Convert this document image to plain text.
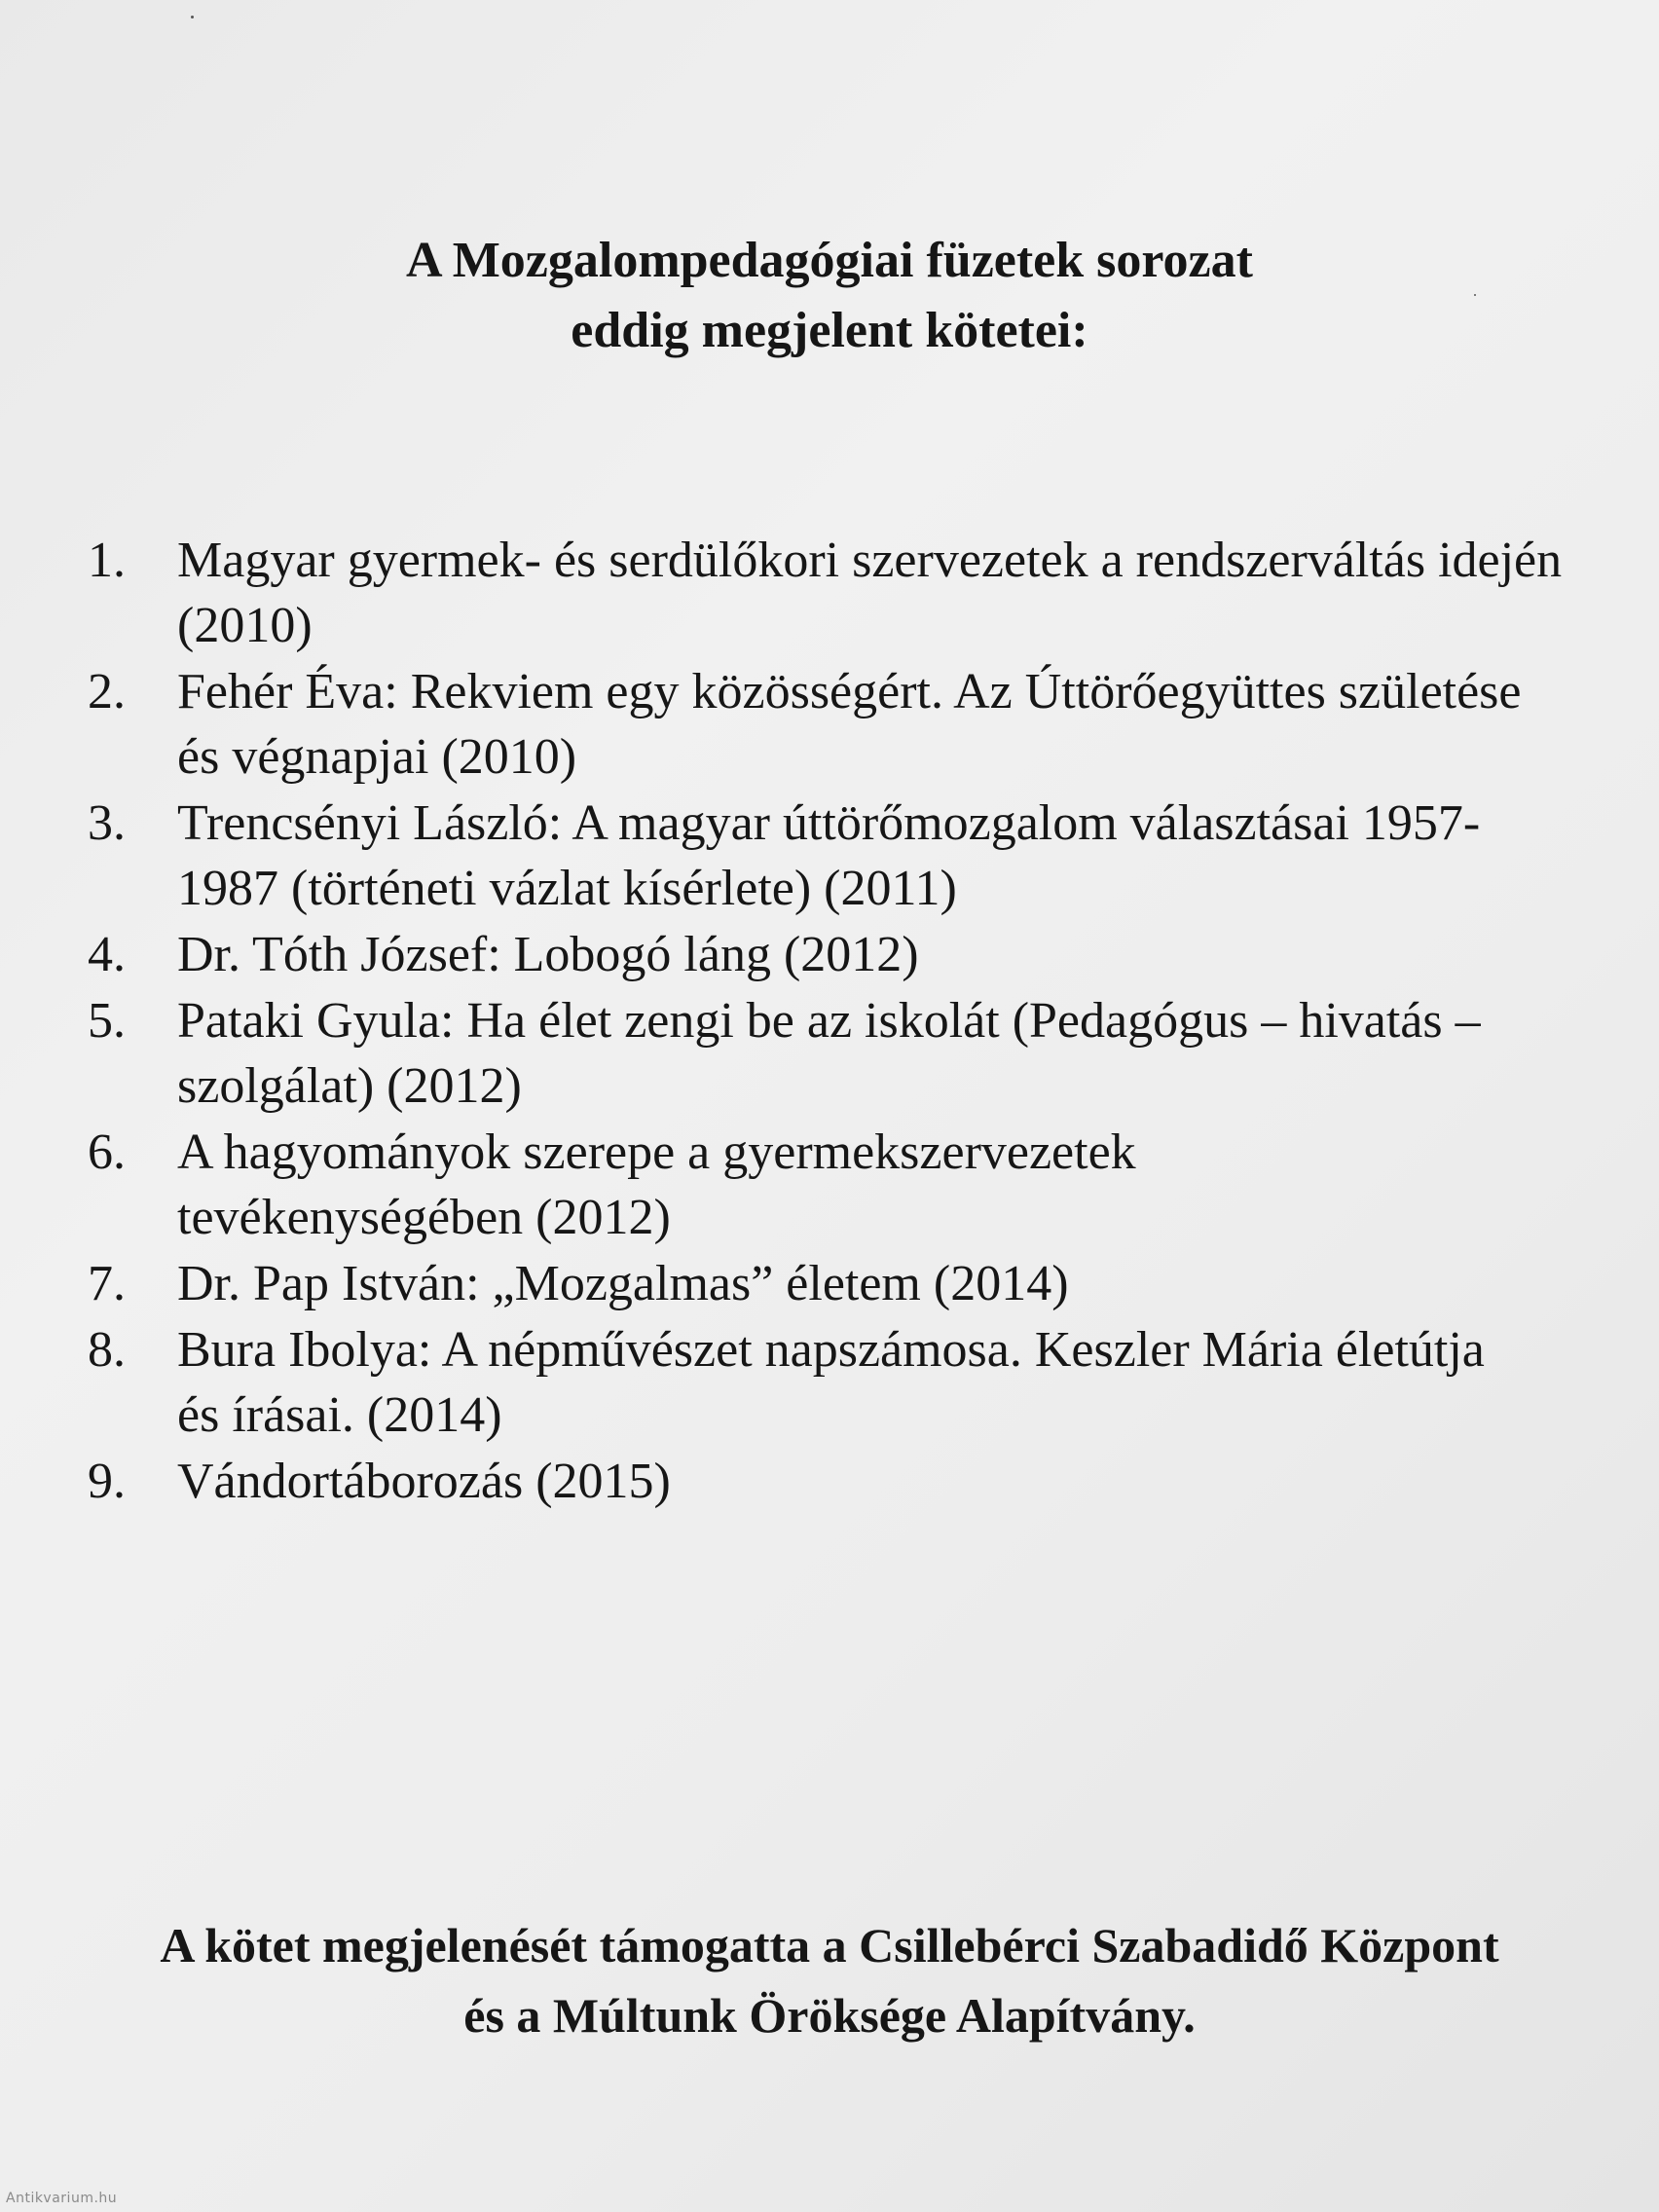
A Mozgalompedagógiai füzetek sorozat
eddig megjelent kötetei:
1.	Magyar gyermek- és serdülőkori szervezetek a rendszerváltás idején (2010)
2.	Fehér Éva: Rekviem egy közösségért. Az Úttörőegyüttes születése és végnapjai (2010)
3.	Trencsényi László: A magyar úttörőmozgalom választásai 1957-1987 (történeti vázlat kísérlete) (2011)
4.	Dr. Tóth József: Lobogó láng (2012)
5.	Pataki Gyula: Ha élet zengi be az iskolát (Pedagógus – hivatás – szolgálat) (2012)
6.	A hagyományok szerepe a gyermekszervezetek tevékenységében (2012)
7.	Dr. Pap István: „Mozgalmas” életem (2014)
8.	Bura Ibolya: A népművészet napszámosa. Keszler Mária életútja és írásai. (2014)
9.	Vándortáborozás (2015)
A kötet megjelenését támogatta a Csillebérci Szabadidő Központ
és a Múltunk Öröksége Alapítvány.
Antikvarium.hu
